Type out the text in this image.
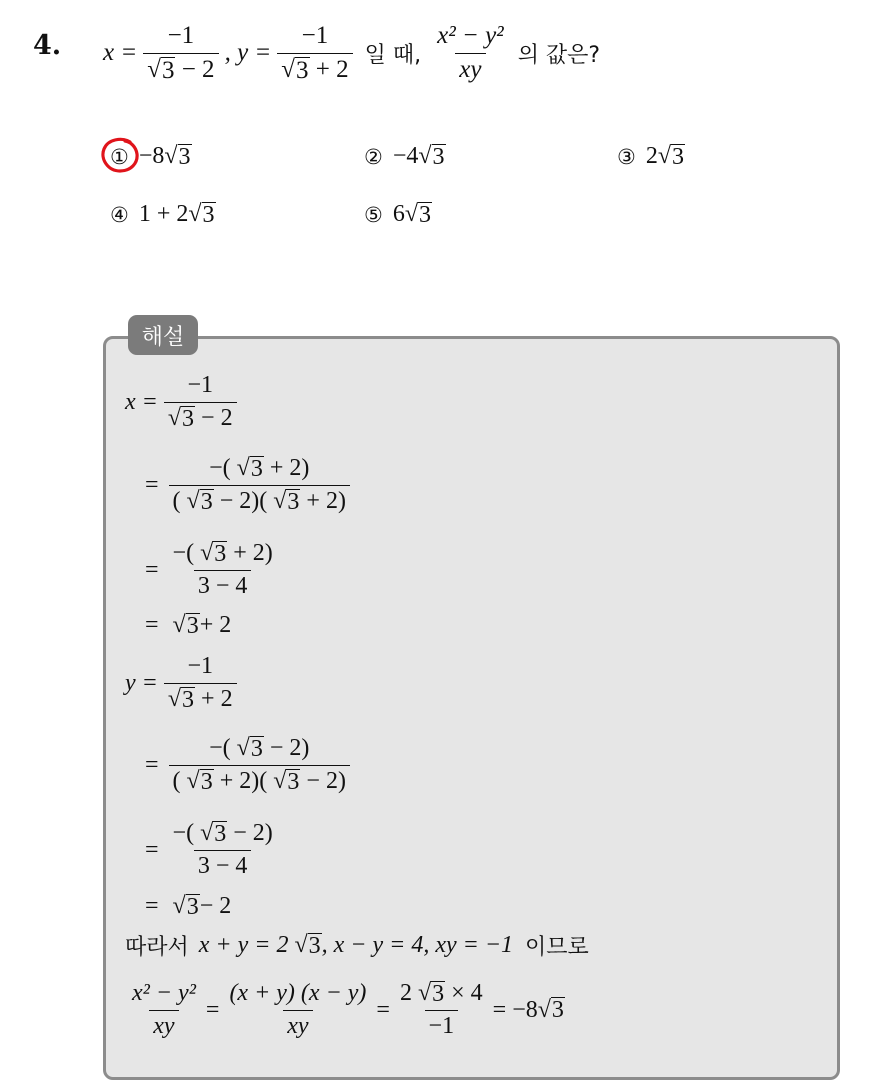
4. $x = \frac{-1}{√ 3 - 2}$ , $y = \frac{-1}{√ 3 + 2}$ 일 때, $\frac{\text{x² − y²}}{xy}$ 의 값은?
① −8 √ 3	② −4 √ 3	③ 2 √ 3
④ 1 + 2 √ 3	⑤ 6 √ 3
해설
$x = \frac{-1}{√ 3 - 2}$
= $\frac{-( √ 3 + 2)}{( √ 3 - 2)( √ 3 + 2)}$
= $\frac{-( √ 3 + 2)}{3 - 4}$
= √ 3 + 2
$y = \frac{-1}{√ 3 + 2}$
= $\frac{-( √ 3 - 2)}{( √ 3 + 2)( √ 3 - 2)}$
= $\frac{-( √ 3 - 2)}{3 - 4}$
= √ 3 − 2
따라서 x + y = 2 √ 3 , x − y = 4, xy = −1 이므로
$\frac{\text{x² − y²}}{xy} = \frac{(x + y) (x - y)}{xy} = \frac{2 √ 3 \times 4}{-1} = -8$ √ 3
